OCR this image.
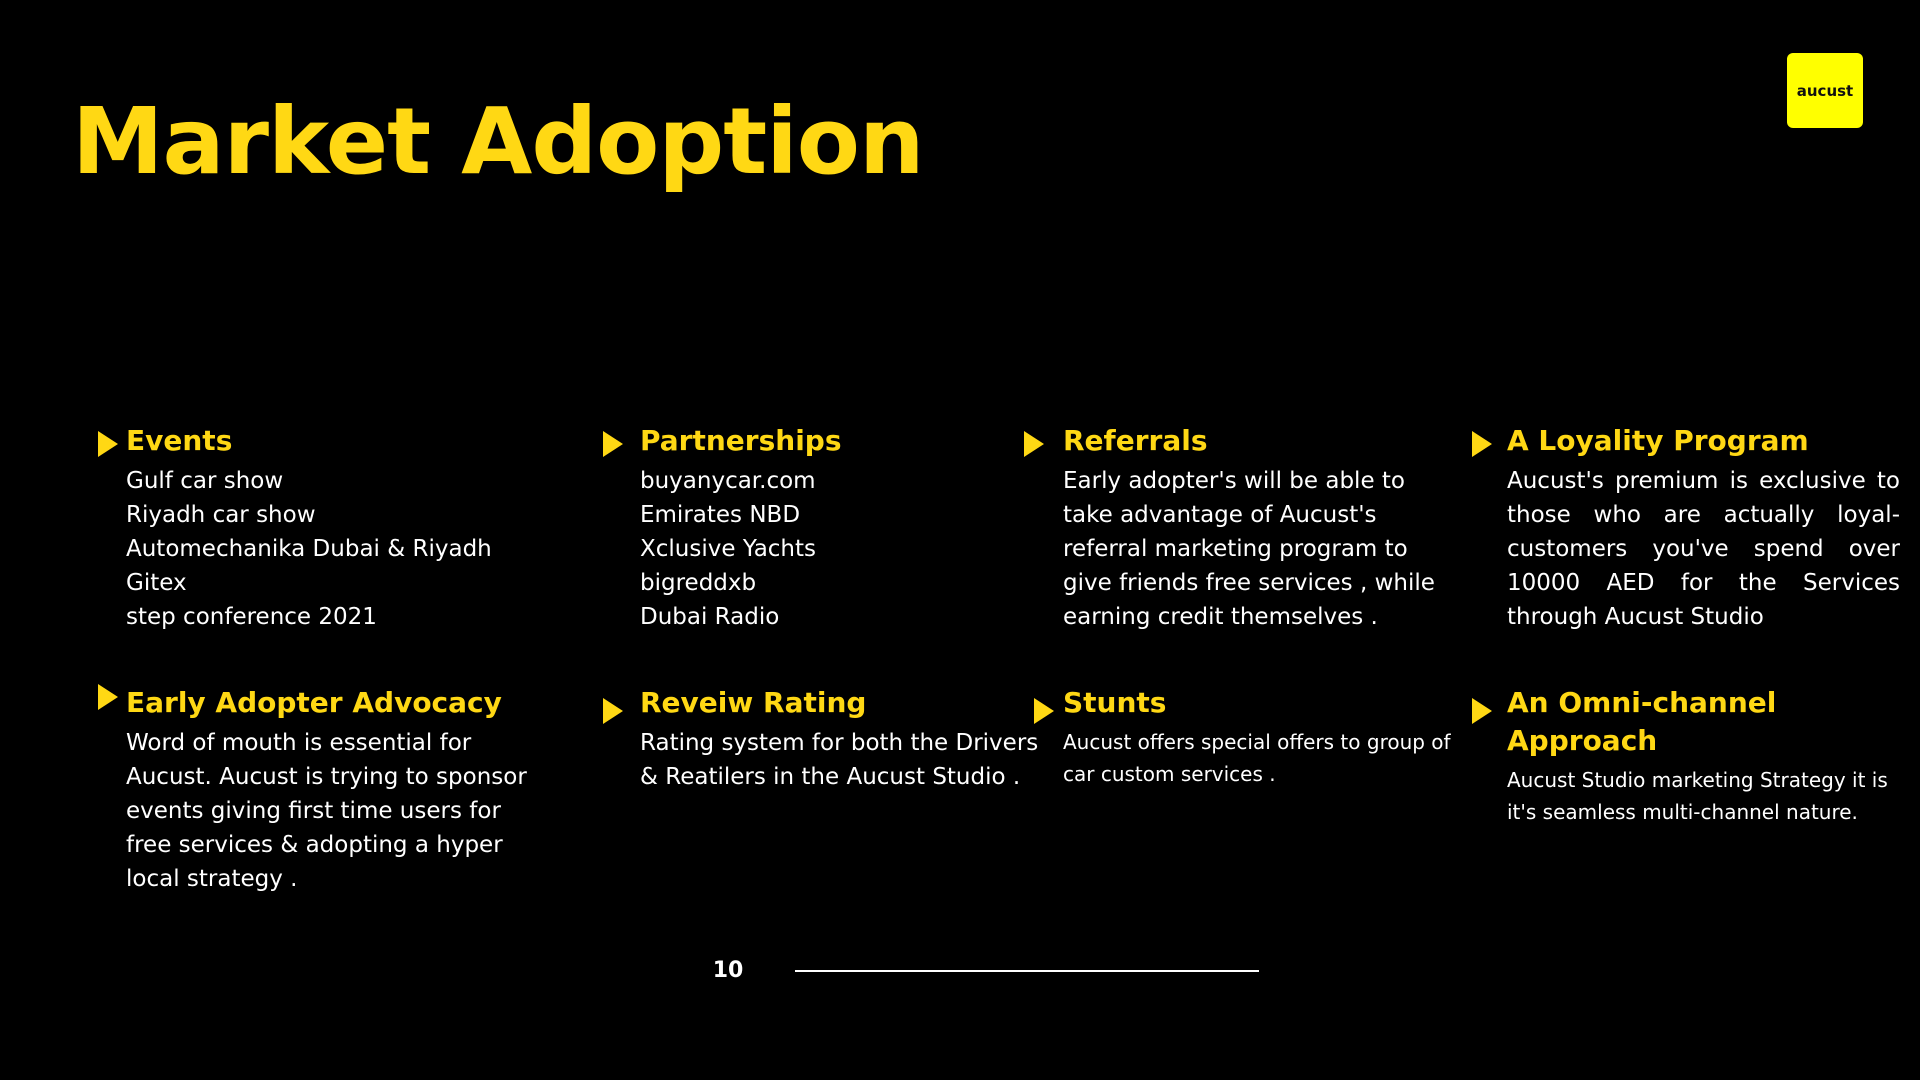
Market Adoption	aucust
Events
Gulf car show
Riyadh car show
Automechanika Dubai & Riyadh
Gitex
step conference 2021
Partnerships
buyanycar.com
Emirates NBD
Xclusive Yachts
bigreddxb
Dubai Radio
Referrals

Early adopter's will be able to take advantage of Aucust's referral marketing program to give friends free services , while earning credit themselves .

A Loyality Program

Aucust's premium is exclusive to those who are actually loyal-customers you've spend over 10000 AED for the Services through Aucust Studio

Early Adopter Advocacy

Word of mouth is essential for Aucust. Aucust is trying to sponsor events giving first time users for free services & adopting a hyper local strategy .

Reveiw Rating

Rating system for both the Drivers & Reatilers in the Aucust Studio .

Stunts

Aucust offers special offers to group of car custom services .

An Omni-channel Approach

Aucust Studio marketing Strategy it is it's seamless multi-channel nature.

10
